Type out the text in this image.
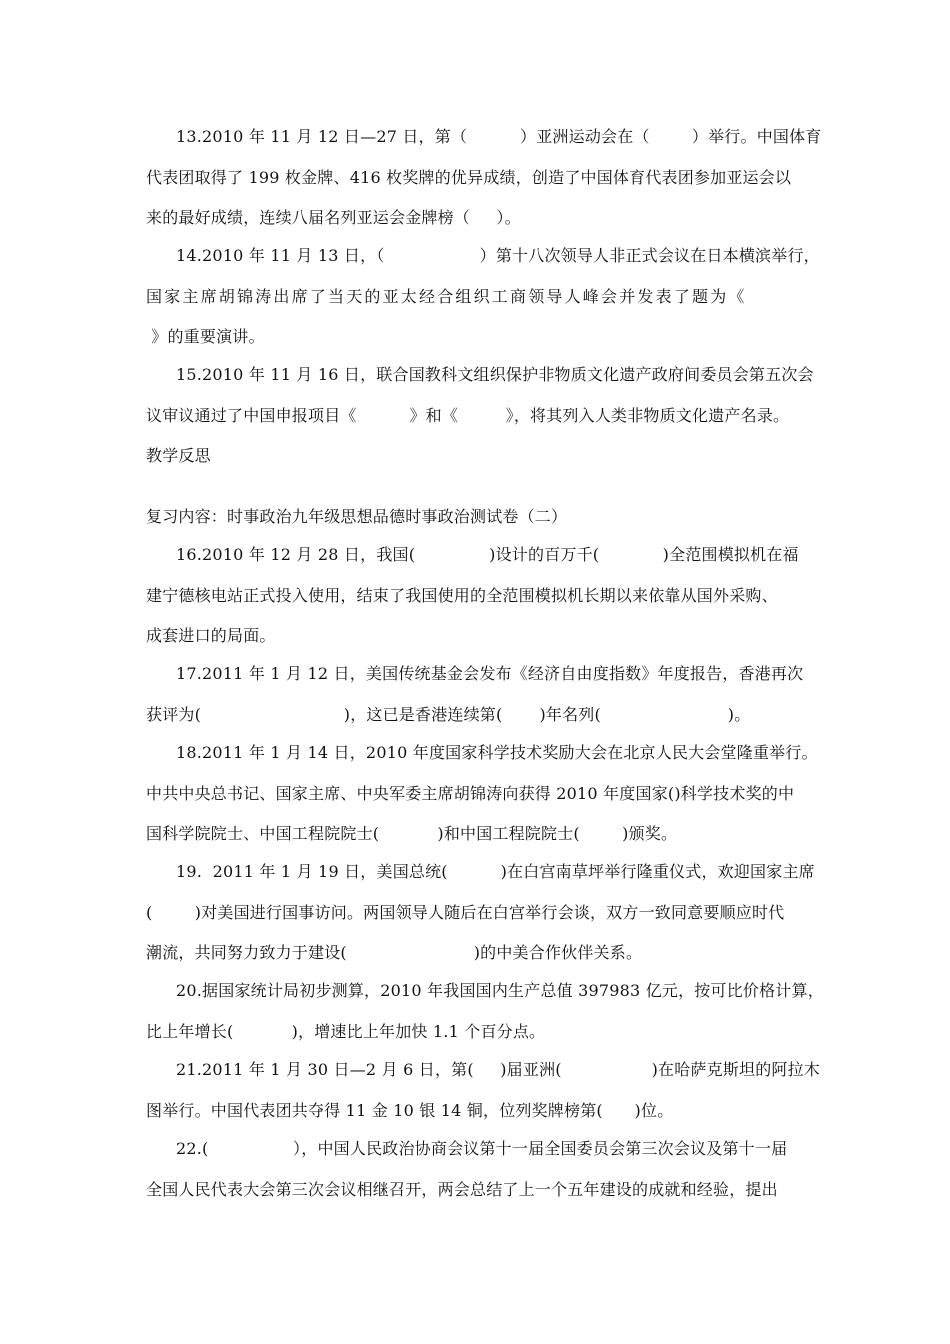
13.2010 年 11 月 12 日—27 日，第（          ）亚洲运动会在（        ）举行。中国体育
代表团取得了 199 枚金牌、416 枚奖牌的优异成绩，创造了中国体育代表团参加亚运会以
来的最好成绩，连续八届名列亚运会金牌榜（     ）。
14.2010 年 11 月 13 日，（                  ）第十八次领导人非正式会议在日本横滨举行，
国家主席胡锦涛出席了当天的亚太经合组织工商领导人峰会并发表了题为《
》的重要演讲。
15.2010 年 11 月 16 日，联合国教科文组织保护非物质文化遗产政府间委员会第五次会
议审议通过了中国申报项目《          》和《         》，将其列入人类非物质文化遗产名录。
教学反思
复习内容：时事政治九年级思想品德时事政治测试卷（二）
16.2010 年 12 月 28 日，我国(              )设计的百万千(            )全范围模拟机在福
建宁德核电站正式投入使用，结束了我国使用的全范围模拟机长期以来依靠从国外采购、
成套进口的局面。
17.2011 年 1 月 12 日，美国传统基金会发布《经济自由度指数》年度报告，香港再次
获评为(                           )，这已是香港连续第(       )年名列(                        )。
18.2011 年 1 月 14 日，2010 年度国家科学技术奖励大会在北京人民大会堂隆重举行。
中共中央总书记、国家主席、中央军委主席胡锦涛向获得 2010 年度国家()科学技术奖的中
国科学院院士、中国工程院院士(           )和中国工程院院士(        )颁奖。
19.  2011 年 1 月 19 日，美国总统(          )在白宫南草坪举行隆重仪式，欢迎国家主席
(        )对美国进行国事访问。两国领导人随后在白宫举行会谈，双方一致同意要顺应时代
潮流，共同努力致力于建设(                        )的中美合作伙伴关系。
20.据国家统计局初步测算，2010 年我国国内生产总值 397983 亿元，按可比价格计算，
比上年增长(           )，增速比上年加快 1.1 个百分点。
21.2011 年 1 月 30 日—2 月 6 日，第(     )届亚洲(                 )在哈萨克斯坦的阿拉木
图举行。中国代表团共夺得 11 金 10 银 14 铜，位列奖牌榜第(      )位。
22.(                ），中国人民政治协商会议第十一届全国委员会第三次会议及第十一届
全国人民代表大会第三次会议相继召开，两会总结了上一个五年建设的成就和经验，提出
